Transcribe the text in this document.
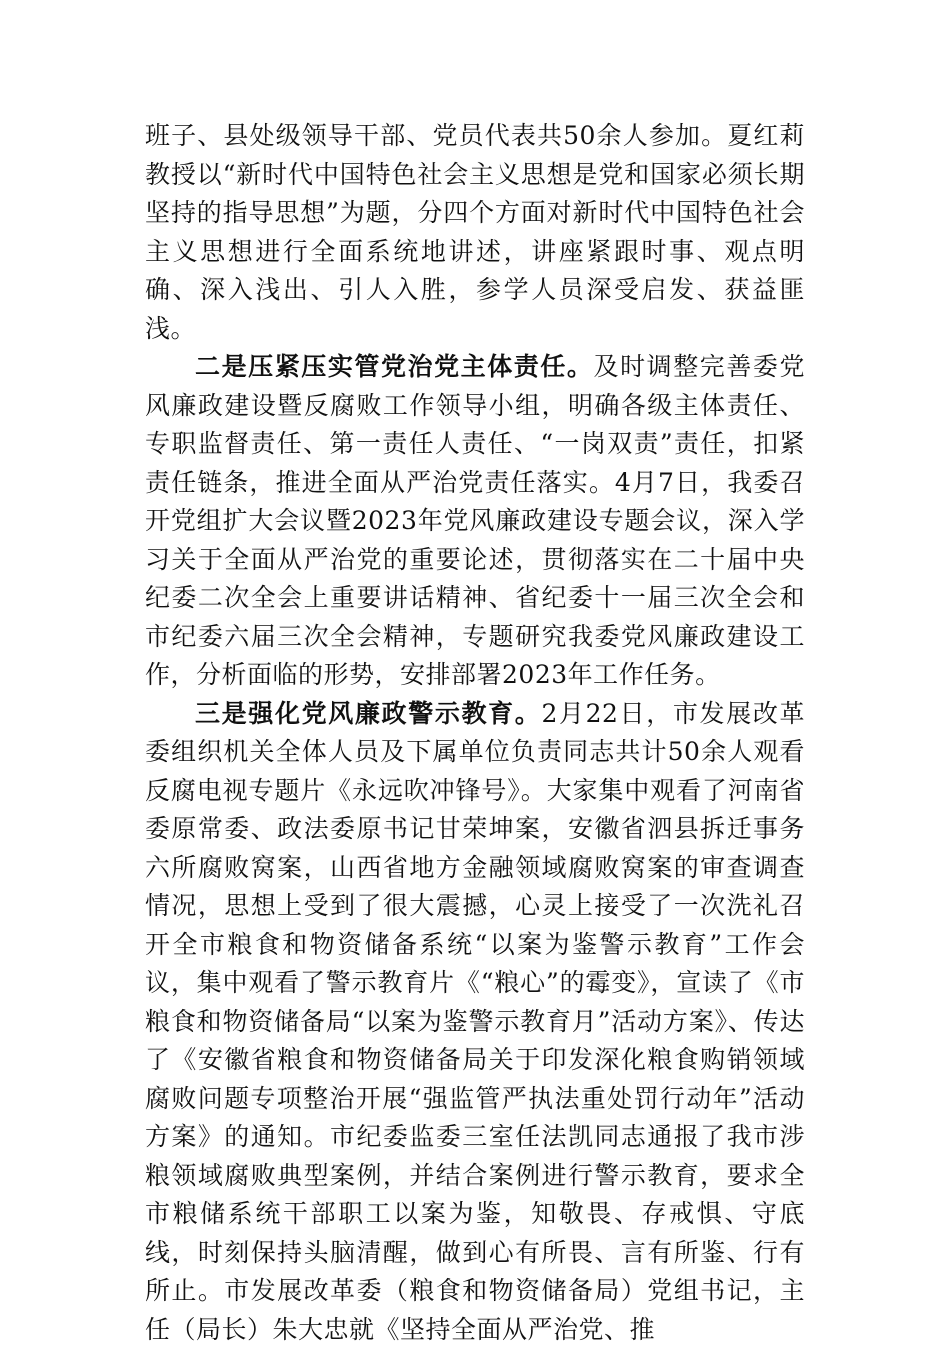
班子、县处级领导干部、党员代表共50余人参加。夏红莉教授以“新时代中国特色社会主义思想是党和国家必须长期坚持的指导思想”为题，分四个方面对新时代中国特色社会主义思想进行全面系统地讲述，讲座紧跟时事、观点明确、深入浅出、引人入胜，参学人员深受启发、获益匪浅。

二是压紧压实管党治党主体责任。及时调整完善委党风廉政建设暨反腐败工作领导小组，明确各级主体责任、专职监督责任、第一责任人责任、“一岗双责”责任，扣紧责任链条，推进全面从严治党责任落实。4月7日，我委召开党组扩大会议暨2023年党风廉政建设专题会议，深入学习关于全面从严治党的重要论述，贯彻落实在二十届中央纪委二次全会上重要讲话精神、省纪委十一届三次全会和市纪委六届三次全会精神，专题研究我委党风廉政建设工作，分析面临的形势，安排部署2023年工作任务。

三是强化党风廉政警示教育。2月22日，市发展改革委组织机关全体人员及下属单位负责同志共计50余人观看反腐电视专题片《永远吹冲锋号》。大家集中观看了河南省委原常委、政法委原书记甘荣坤案，安徽省泗县拆迁事务六所腐败窝案，山西省地方金融领域腐败窝案的审查调查情况，思想上受到了很大震撼，心灵上接受了一次洗礼召开全市粮食和物资储备系统“以案为鉴警示教育”工作会议，集中观看了警示教育片《“粮心”的霉变》，宣读了《市粮食和物资储备局“以案为鉴警示教育月”活动方案》、传达了《安徽省粮食和物资储备局关于印发深化粮食购销领域腐败问题专项整治开展“强监管严执法重处罚行动年”活动方案》的通知。市纪委监委三室任法凯同志通报了我市涉粮领域腐败典型案例，并结合案例进行警示教育，要求全市粮储系统干部职工以案为鉴，知敬畏、存戒惧、守底线，时刻保持头脑清醒，做到心有所畏、言有所鉴、行有所止。市发展改革委（粮食和物资储备局）党组书记，主任（局长）朱大忠就《坚持全面从严治党、推
